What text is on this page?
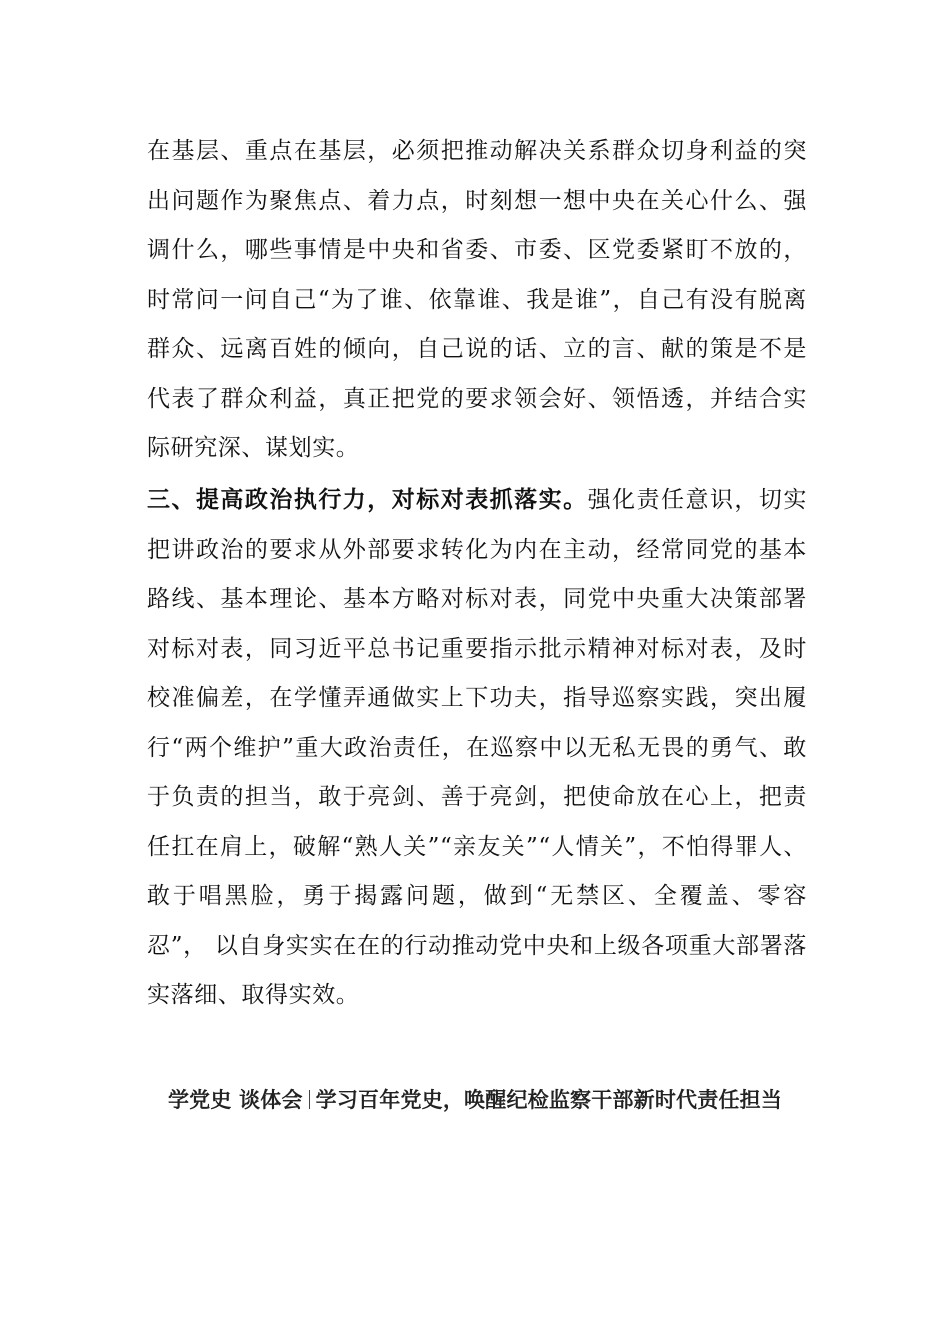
在基层、重点在基层，必须把推动解决关系群众切身利益的突出问题作为聚焦点、着力点，时刻想一想中央在关心什么、强调什么，哪些事情是中央和省委、市委、区党委紧盯不放的，时常问一问自己“为了谁、依靠谁、我是谁”，自己有没有脱离群众、远离百姓的倾向，自己说的话、立的言、献的策是不是代表了群众利益，真正把党的要求领会好、领悟透，并结合实际研究深、谋划实。

三、提高政治执行力，对标对表抓落实。强化责任意识，切实把讲政治的要求从外部要求转化为内在主动，经常同党的基本路线、基本理论、基本方略对标对表，同党中央重大决策部署对标对表，同习近平总书记重要指示批示精神对标对表，及时校准偏差，在学懂弄通做实上下功夫，指导巡察实践，突出履行“两个维护”重大政治责任，在巡察中以无私无畏的勇气、敢于负责的担当，敢于亮剑、善于亮剑，把使命放在心上，把责任扛在肩上，破解“熟人关”“亲友关”“人情关”，不怕得罪人、敢于唱黑脸，勇于揭露问题，做到“无禁区、全覆盖、零容忍”， 以自身实实在在的行动推动党中央和上级各项重大部署落实落细、取得实效。

学党史 谈体会 学习百年党史，唤醒纪检监察干部新时代责任担当
